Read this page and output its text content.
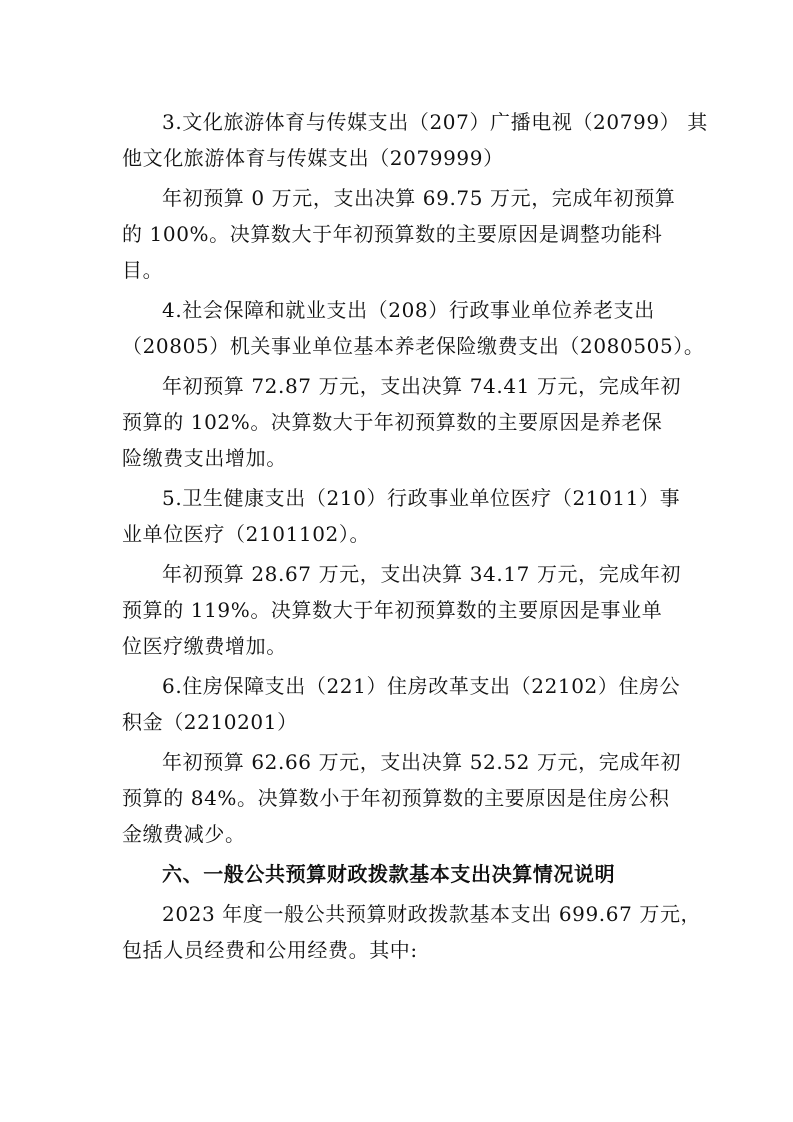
3.文化旅游体育与传媒支出（207）广播电视（20799） 其
他文化旅游体育与传媒支出（2079999）

年初预算 0 万元，支出决算 69.75 万元，完成年初预算
的 100%。决算数大于年初预算数的主要原因是调整功能科
目。

4.社会保障和就业支出（208）行政事业单位养老支出
（20805）机关事业单位基本养老保险缴费支出（2080505）。

年初预算 72.87 万元，支出决算 74.41 万元，完成年初
预算的 102%。决算数大于年初预算数的主要原因是养老保
险缴费支出增加。

5.卫生健康支出（210）行政事业单位医疗（21011）事
业单位医疗（2101102）。

年初预算 28.67 万元，支出决算 34.17 万元，完成年初
预算的 119%。决算数大于年初预算数的主要原因是事业单
位医疗缴费增加。

6.住房保障支出（221）住房改革支出（22102）住房公
积金（2210201）

年初预算 62.66 万元，支出决算 52.52 万元，完成年初
预算的 84%。决算数小于年初预算数的主要原因是住房公积
金缴费减少。

六、一般公共预算财政拨款基本支出决算情况说明

2023 年度一般公共预算财政拨款基本支出 699.67 万元，
包括人员经费和公用经费。其中:
